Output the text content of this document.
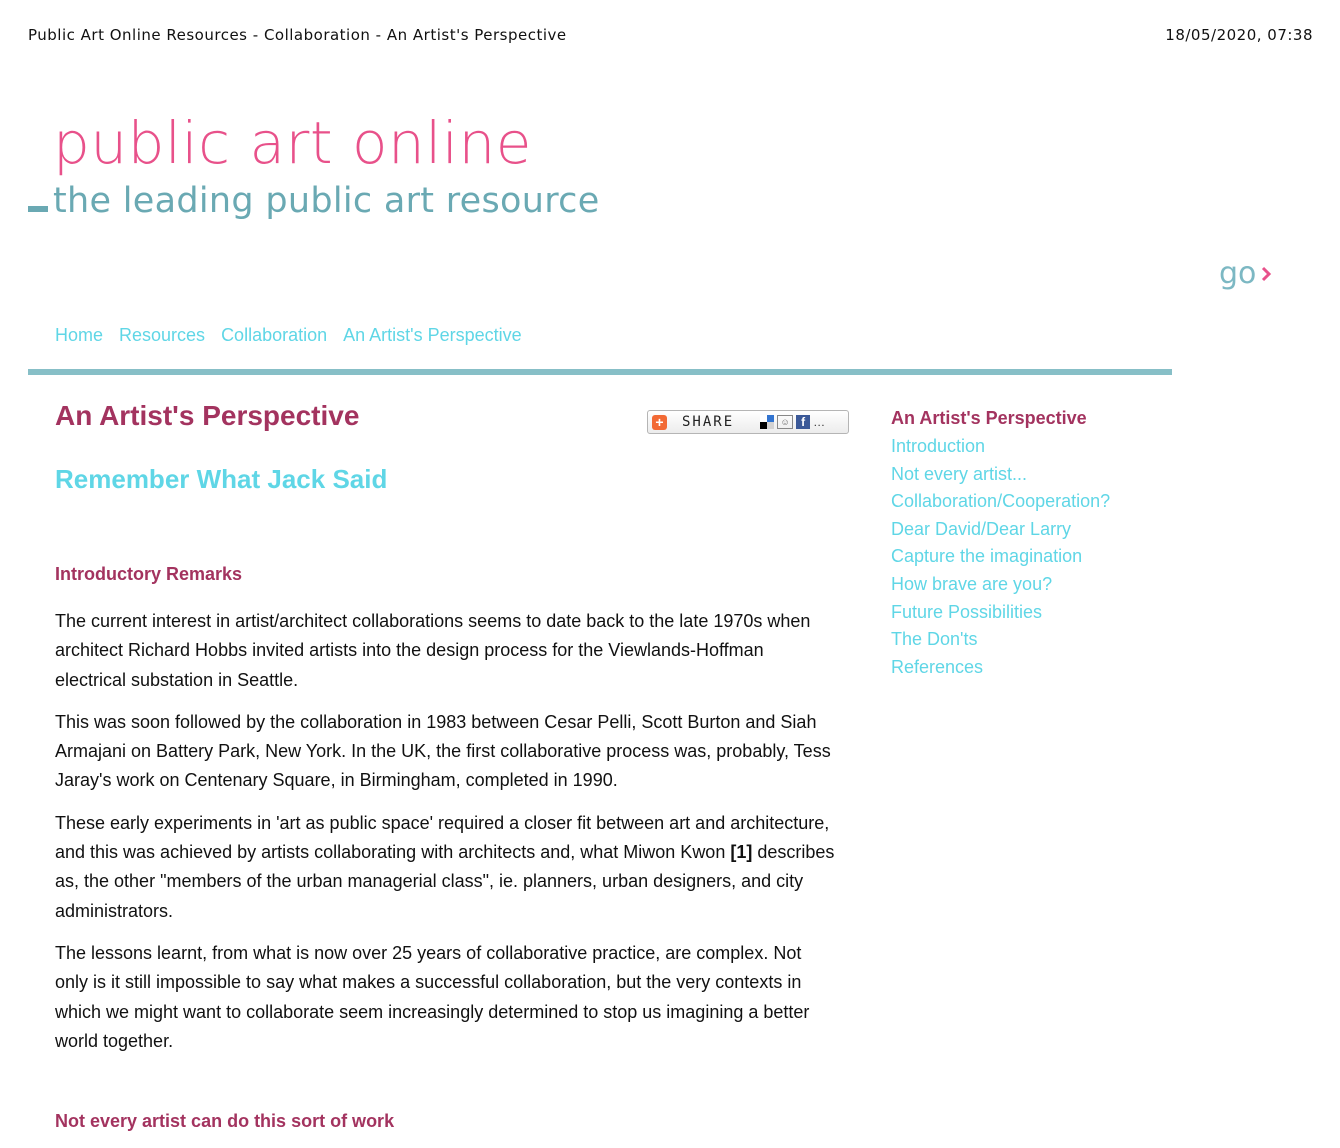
Public Art Online Resources - Collaboration - An Artist's Perspective	18/05/2020, 07:38
public art online
the leading public art resource
go
Home Resources Collaboration An Artist's Perspective
An Artist's Perspective	+ SHARE	☺ f …
Remember What Jack Said
Introductory Remarks

The current interest in artist/architect collaborations seems to date back to the late 1970s when architect Richard Hobbs invited artists into the design process for the Viewlands-Hoffman electrical substation in Seattle.

This was soon followed by the collaboration in 1983 between Cesar Pelli, Scott Burton and Siah Armajani on Battery Park, New York. In the UK, the first collaborative process was, probably, Tess Jaray's work on Centenary Square, in Birmingham, completed in 1990.

These early experiments in 'art as public space' required a closer fit between art and architecture, and this was achieved by artists collaborating with architects and, what Miwon Kwon [1] describes as, the other "members of the urban managerial class", ie. planners, urban designers, and city administrators.

The lessons learnt, from what is now over 25 years of collaborative practice, are complex. Not only is it still impossible to say what makes a successful collaboration, but the very contexts in which we might want to collaborate seem increasingly determined to stop us imagining a better world together.

Not every artist can do this sort of work
An Artist's Perspective
Introduction
Not every artist...
Collaboration/Cooperation?
Dear David/Dear Larry
Capture the imagination
How brave are you?
Future Possibilities
The Don'ts
References
